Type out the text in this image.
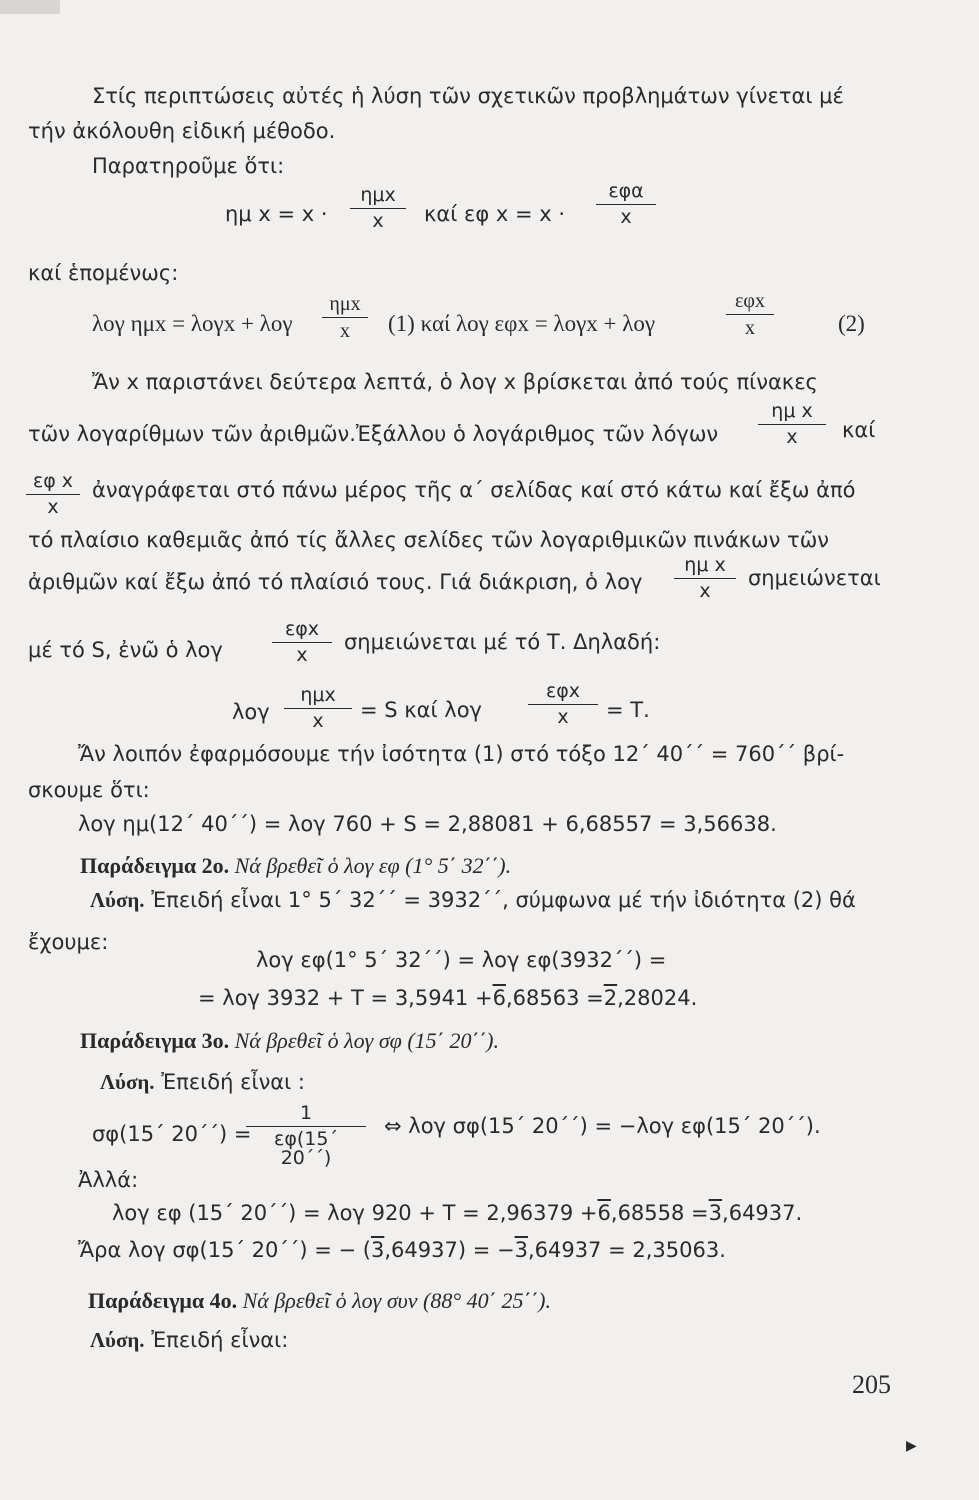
Στίς περιπτώσεις αὐτές ἡ λύση τῶν σχετικῶν προβλημάτων γίνεται μέ
τήν ἀκόλουθη εἰδική μέθοδο.
Παρατηροῦμε ὅτι:
ημ x = x ·
ημx
x	καί εφ x = x ·
εφα
x
καί ἑπομένως:
λογ ημx = λογx + λογ
ημx
x	(1) καί λογ εφx = λογx + λογ
εφx
x	(2)
Ἄν x παριστάνει δεύτερα λεπτά, ὁ λογ x βρίσκεται ἀπό τούς πίνακες
τῶν λογαρίθμων τῶν ἀριθμῶν.Ἐξάλλου ὁ λογάριθμος τῶν λόγων $\frac{\text{ημ x}}{x}$ καί
$\frac{\text{εφ x}}{x}$ ἀναγράφεται στό πάνω μέρος τῆς α΄ σελίδας καί στό κάτω καί ἔξω ἀπό
τό πλαίσιο καθεμιᾶς ἀπό τίς ἄλλες σελίδες τῶν λογαριθμικῶν πινάκων τῶν
ἀριθμῶν καί ἔξω ἀπό τό πλαίσιό τους. Γιά διάκριση, ὁ λογ $\frac{\text{ημ x}}{x}$ σημειώνεται
μέ τό S, ἐνῶ ὁ λογ
εφx
x
σημειώνεται μέ τό Τ. Δηλαδή:
λογ
ημx
x	= S καί λογ
εφx
x	= Τ.
Ἄν λοιπόν ἐφαρμόσουμε τήν ἰσότητα (1) στό τόξο 12΄ 40΄΄ = 760΄΄ βρί-
σκουμε ὅτι:
λογ ημ(12΄ 40΄΄) = λογ 760 + S = 2,88081 + 6,68557 = 3,56638.
Παράδειγμα 2ο. Νά βρεθεῖ ὁ λογ εφ (1° 5΄ 32΄΄).
Λύση. Ἐπειδή εἶναι 1° 5΄ 32΄΄ = 3932΄΄, σύμφωνα μέ τήν ἰδιότητα (2) θά
ἔχουμε:
λογ εφ(1° 5΄ 32΄΄) = λογ εφ(3932΄΄) =
= λογ 3932 + Τ = 3,5941 +6,68563 =2,28024.
Παράδειγμα 3ο. Νά βρεθεῖ ὁ λογ σφ (15΄ 20΄΄).
Λύση. Ἐπειδή εἶναι :
σφ(15΄ 20΄΄) =
$\frac{1}{\varepsilon\varphi(15΄ 20΄΄)}$ ⇔ λογ σφ(15΄ 20΄΄) = −λογ εφ(15΄ 20΄΄).
Ἀλλά:
λογ εφ (15΄ 20΄΄) = λογ 920 + Τ = 2,96379 +6,68558 =3,64937.
Ἄρα λογ σφ(15΄ 20΄΄) = − (3,64937) = −3,64937 = 2,35063.
Παράδειγμα 4ο. Νά βρεθεῖ ὁ λογ συν (88° 40΄ 25΄΄).
Λύση. Ἐπειδή εἶναι:
205
▶
